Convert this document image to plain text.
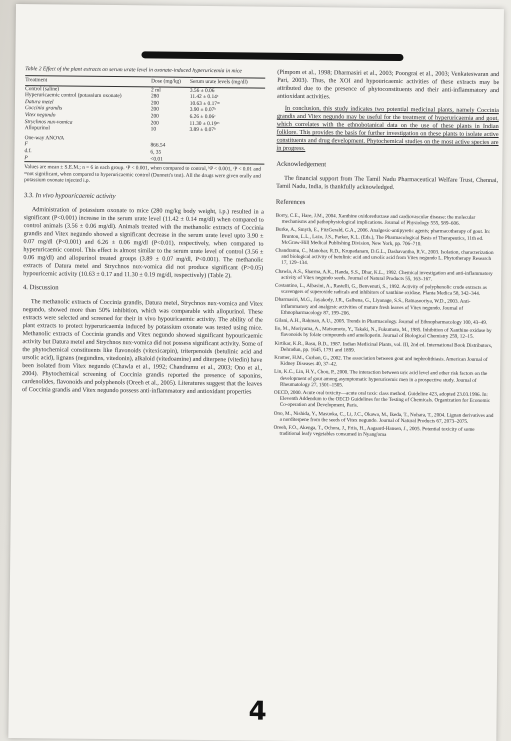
Table 2 Effect of the plant extracts on serum urate level in oxonate-induced hyperuricemia in mice
Treatment	Dose (mg/kg)	Serum urate levels (mg/dl)
Control (saline)	2 ml	3.56 ± 0.06
Hyperuricaemic control (potassium oxonate)	280	11.42 ± 0.14ᵃ
Datura metel	200	10.63 ± 0.17ⁿˢ
Coccinia grandis	200	3.90 ± 0.07ᵇ
Vitex negundo	200	6.26 ± 0.06ᶜ
Strychnos nux-vomica	200	11.30 ± 0.19ⁿˢ
Allopurinol	10	3.89 ± 0.07ᵇ
One-way ANOVA		
F	866.54	
d.f.	6, 35	
P	<0.01	
Values are mean ± S.E.M.; n = 6 in each group. ᵃP < 0.001, when compared to control, ᵇP < 0.001, ᶜP < 0.01 and ⁿˢnot significant, when compared to hyperuricaemic control (Dunnett's test). All the drugs were given orally and potassium oxonate injected i.p.
3.3. In vivo hypouricaemic activity

Administration of potassium oxonate to mice (280 mg/kg body weight, i.p.) resulted in a significant (P<0.001) increase in the serum urate level (11.42 ± 0.14 mg/dl) when compared to control animals (3.56 ± 0.06 mg/dl). Animals treated with the methanolic extracts of Coccinia grandis and Vitex negundo showed a significant decrease in the serum urate level upto 3.90 ± 0.07 mg/dl (P<0.001) and 6.26 ± 0.06 mg/dl (P<0.01), respectively, when compared to hyperuricaemic control. This effect is almost similar to the serum urate level of control (3.56 ± 0.06 mg/dl) and allopurinol treated groups (3.89 ± 0.07 mg/dl, P<0.001). The methanolic extracts of Datura metel and Strychnos nux-vomica did not produce significant (P>0.05) hypouricemic activity (10.63 ± 0.17 and 11.30 ± 0.19 mg/dl, respectively) (Table 2).

4. Discussion

The methanolic extracts of Coccinia grandis, Datura metel, Strychnos nux-vomica and Vitex negundo, showed more than 50% inhibition, which was comparable with allopurinol. These extracts were selected and screened for their in vivo hypouricaemic activity. The ability of the plant extracts to protect hyperuricaemia induced by potassium oxonate was tested using mice. Methanolic extracts of Coccinia grandis and Vitex negundo showed significant hypouricaemic activity but Datura metel and Strychnos nux-vomica did not possess significant activity. Some of the phytochemical constituents like flavonoids (vitexicarpin), triterpenoids (betulinic acid and ursolic acid), lignans (negundins, vitedonin), alkaloid (vitedoamine) and diterpene (vitedin) have been isolated from Vitex negundo (Chawla et al., 1992; Chandramu et al., 2003; Ono et al., 2004). Phytochemical screening of Coccinia grandis reported the presence of saponins, cardenolides, flavonoids and polyphenols (Oreeh et al., 2005). Literatures suggest that the leaves of Coccinia grandis and Vitex negundo possess anti-inflammatory and antioxidant properties

(Pimpom et al., 1998; Dharmasiri et al., 2003; Poongrai et al., 2003; Venkateswaran and Pari, 2003). Thus, the XOI and hypouricaemic activities of these extracts may be attributed due to the presence of phytoconstituents and their anti-inflammatory and antioxidant activities.

In conclusion, this study indicates two potential medicinal plants, namely Coccinia grandis and Vitex negundo may be useful for the treatment of hyperuricaemia and gout, which correlates with the ethnobotanical data on the use of these plants in Indian folklore. This provides the basis for further investigation on these plants to isolate active constituents and drug development. Phytochemical studies on the most active species are in progress.

Acknowledgement

The financial support from The Tamil Nadu Pharmaceutical Welfare Trust, Chennai, Tamil Nadu, India, is thankfully acknowledged.

References

Borry, C.E., Hare, J.M., 2004. Xanthine oxidoreductase and cardiovascular disease: the molecular mechanisms and pathophysiological implications. Journal of Physiology 555, 589–606.

Burke, A., Smyth, E., FitzGerald, G.A., 2006. Analgesic-antipyretic agents; pharmacotherapy of gout. In: Brunton, L.L., Lazo, J.S., Parker, K.L. (Eds.), The Pharmacological Basis of Therapeutics, 11th ed. McGraw-Hill Medical Publishing Division, New York, pp. 706–710.

Chandramu, C., Manohar, R.D., Krupadanam, D.G.L., Dashavantha, R.V., 2003. Isolation, characterization and biological activity of betulinic acid and ursolic acid from Vitex negundo L. Phytotherapy Research 17, 129–134.

Chawla, A.S., Sharma, A.K., Handa, S.S., Dhar, K.L., 1992. Chemical investigation and anti-inflammatory activity of Vitex negundo seeds. Journal of Natural Products 55, 163–167.

Costantino, L., Albasini, A., Rastelli, G., Benvenuti, S., 1992. Activity of polyphenolic crude extracts as scavengers of superoxide radicals and inhibitors of xanthine oxidase. Planta Medica 58, 342–344.

Dharmasiri, M.G., Jayakody, J.R., Galhena, G., Liyanage, S.S., Ratnasooriya, W.D., 2003. Anti-inflammatory and analgesic activities of mature fresh leaves of Vitex negundo. Journal of Ethnopharmacology 87, 199–206.

Gilani, A.H., Rahman, A.U., 2005. Trends in Pharmacology. Journal of Ethnopharmacology 100, 43–49.

Iio, M., Moriyama, A., Matsumoto, Y., Takaki, N., Fukumoto, M., 1985. Inhibition of Xanthine oxidase by flavonoids by folate compounds and amelioperin. Journal of Biological Chemistry 259, 12–15.

Kirtikar, K.R., Basu, B.D., 1987. Indian Medicinal Plants, vol. III, 2nd ed. International Book Distributors, Dehradun, pp. 1645, 1791 and 1899.

Kramer, H.M., Curhan, G., 2002. The association between gout and nephrolithiasis. American Journal of Kidney Diseases 40, 37–42.

Lin, K.C., Lin, H.Y., Chou, P., 2000. The interaction between uric acid level and other risk factors on the development of gout among asymptomatic hyperuricemic men in a prospective study. Journal of Rheumatology 27, 1501–1505.

OECD, 2000. Acute oral toxicity—acute oral toxic class method. Guideline 423, adopted 23.03.1996. In: Eleventh Addendum to the OECD Guidelines for the Testing of Chemicals. Organization for Economic Co-operation and Development, Paris.

Ono, M., Nishida, Y., Masuoka, C., Li, J.C., Okawa, M., Ikeda, T., Nohara, T., 2004. Lignan derivatives and a norditerpene from the seeds of Vitex negundo. Journal of Natural Products 67, 2073–2075.

Oreeh, F.O., Akenga, T., Ochora, J., Friis, H., Aagaard-Hansen, J., 2005. Potential toxicity of some traditional leafy vegetables consumed in Nyang'oma

4
